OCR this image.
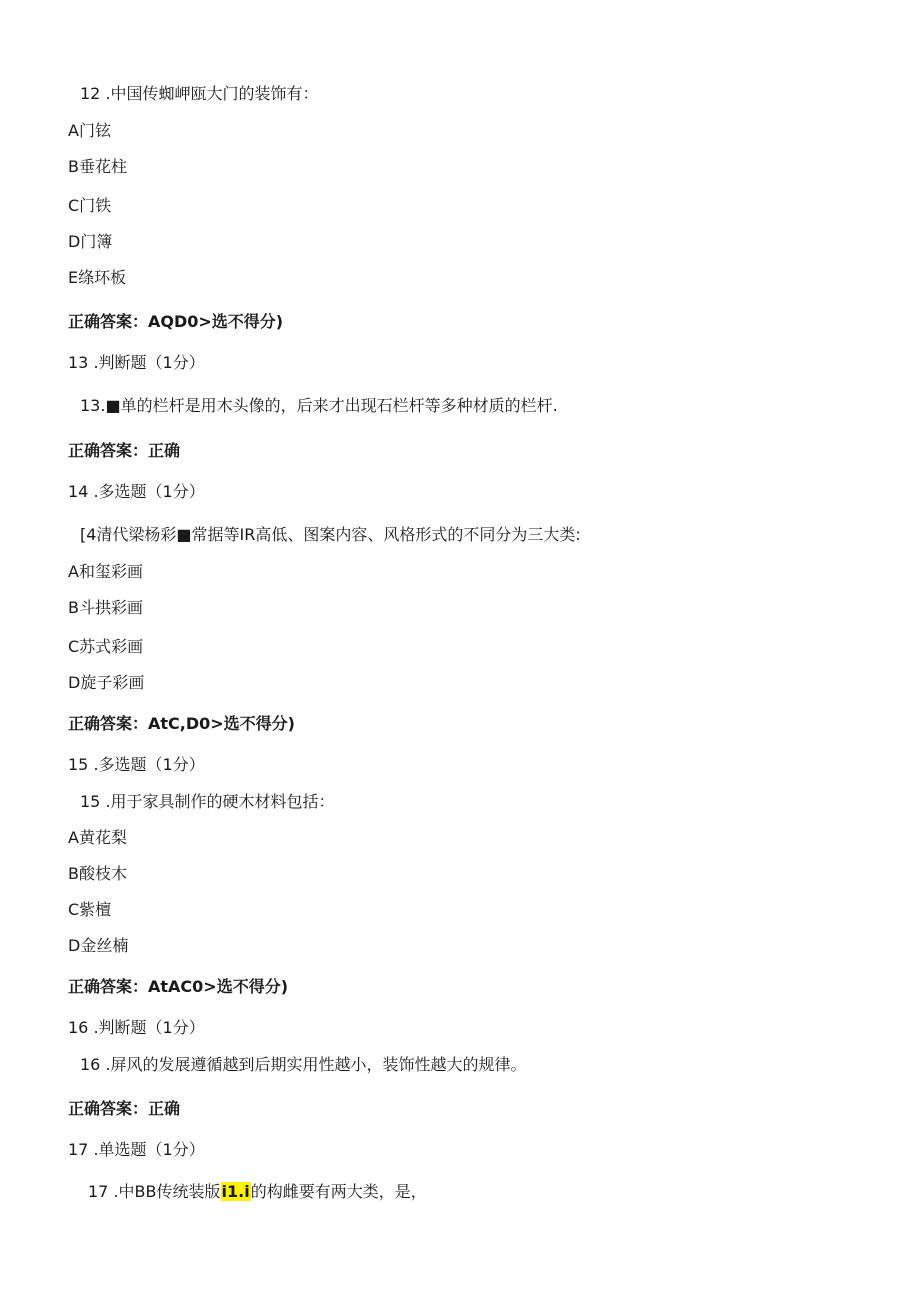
12 .中国传蜘岬瓯大门的装饰有：
A门铉
B垂花柱
C门铁
D门簿
E绦环板
正确答案：AQD0>选不得分)
13 .判断题（1分）
13.■单的栏杆是用木头像的，后来才出现石栏杆等多种材质的栏杆.
正确答案：正确
14 .多选题（1分）
[4清代梁杨彩■常据等IR高低、图案内容、风格形式的不同分为三大类:
A和玺彩画
B斗拱彩画
C苏式彩画
D旋子彩画
正确答案：AtC,D0>选不得分)
15 .多选题（1分）
15 .用于家具制作的硬木材料包括：
A黄花梨
B酸枝木
C紫檀
D金丝楠
正确答案：AtAC0>选不得分)
16 .判断题（1分）
16 .屏风的发展遵循越到后期实用性越小，装饰性越大的规律。
正确答案：正确
17 .单选题（1分）
17 .中BB传统装版i1.i的构雌要有两大类，是，
